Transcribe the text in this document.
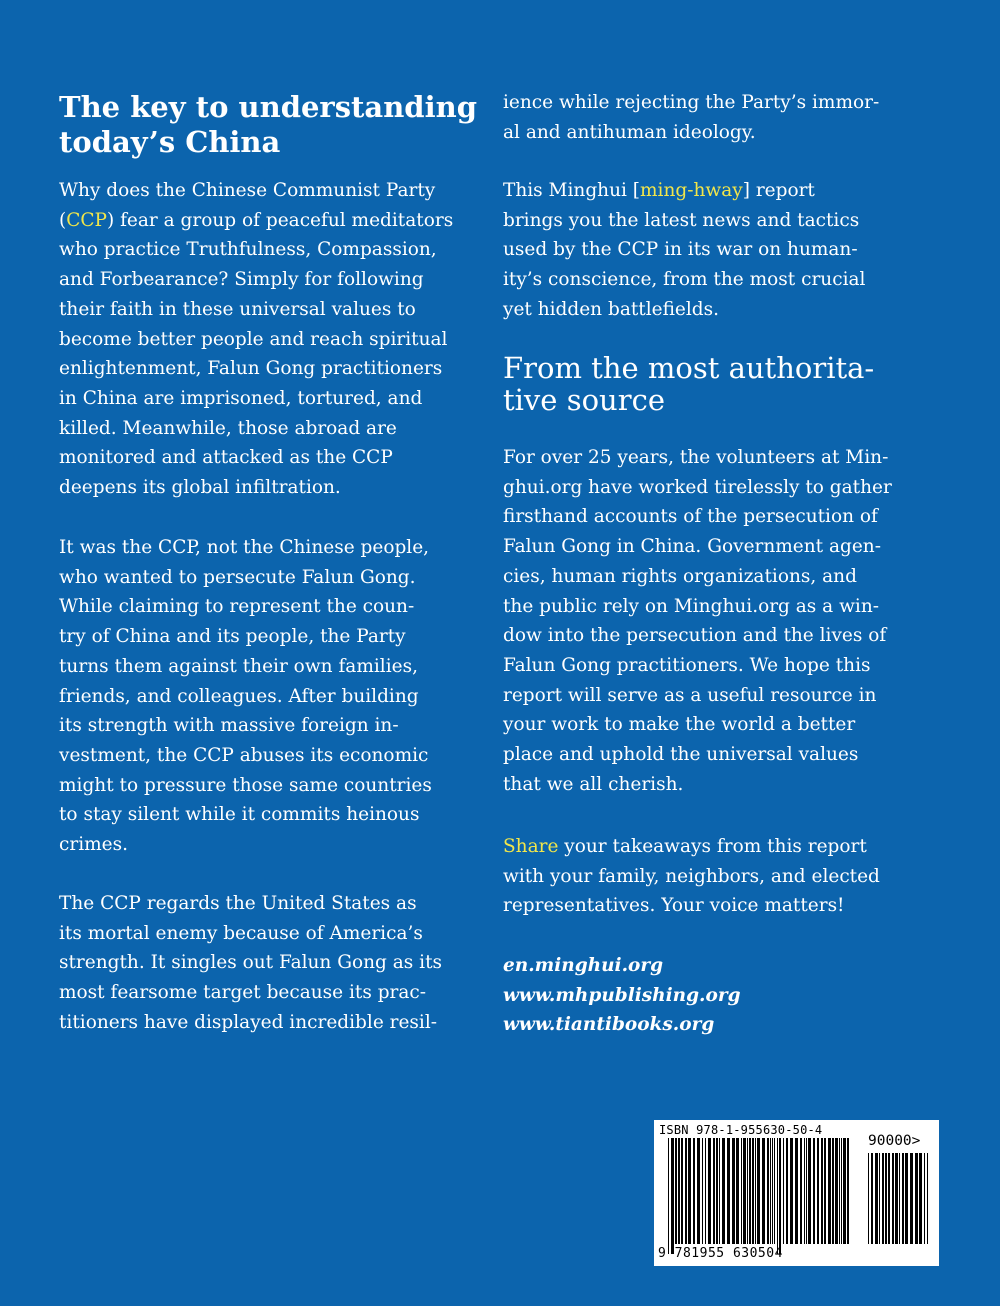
The key to understanding
today’s China

Why does the Chinese Communist Party
(CCP) fear a group of peaceful meditators
who practice Truthfulness, Compassion,
and Forbearance? Simply for following
their faith in these universal values to
become better people and reach spiritual
enlightenment, Falun Gong practitioners
in China are imprisoned, tortured, and
killed. Meanwhile, those abroad are
monitored and attacked as the CCP
deepens its global infiltration.

It was the CCP, not the Chinese people,
who wanted to persecute Falun Gong.
While claiming to represent the coun-
try of China and its people, the Party
turns them against their own families,
friends, and colleagues. After building
its strength with massive foreign in-
vestment, the CCP abuses its economic
might to pressure those same countries
to stay silent while it commits heinous
crimes.

The CCP regards the United States as
its mortal enemy because of America’s
strength. It singles out Falun Gong as its
most fearsome target because its prac-
titioners have displayed incredible resil-

ience while rejecting the Party’s immor-
al and antihuman ideology.

This Minghui [ming-hway] report
brings you the latest news and tactics
used by the CCP in its war on human-
ity’s conscience, from the most crucial
yet hidden battlefields.

From the most authorita-
tive source

For over 25 years, the volunteers at Min-
ghui.org have worked tirelessly to gather
firsthand accounts of the persecution of
Falun Gong in China. Government agen-
cies, human rights organizations, and
the public rely on Minghui.org as a win-
dow into the persecution and the lives of
Falun Gong practitioners. We hope this
report will serve as a useful resource in
your work to make the world a better
place and uphold the universal values
that we all cherish.

Share your takeaways from this report
with your family, neighbors, and elected
representatives. Your voice matters!

en.minghui.org
www.mhpublishing.org
www.tiantibooks.org
ISBN 978-1-955630-50-4
90000>
9 781955 630504
